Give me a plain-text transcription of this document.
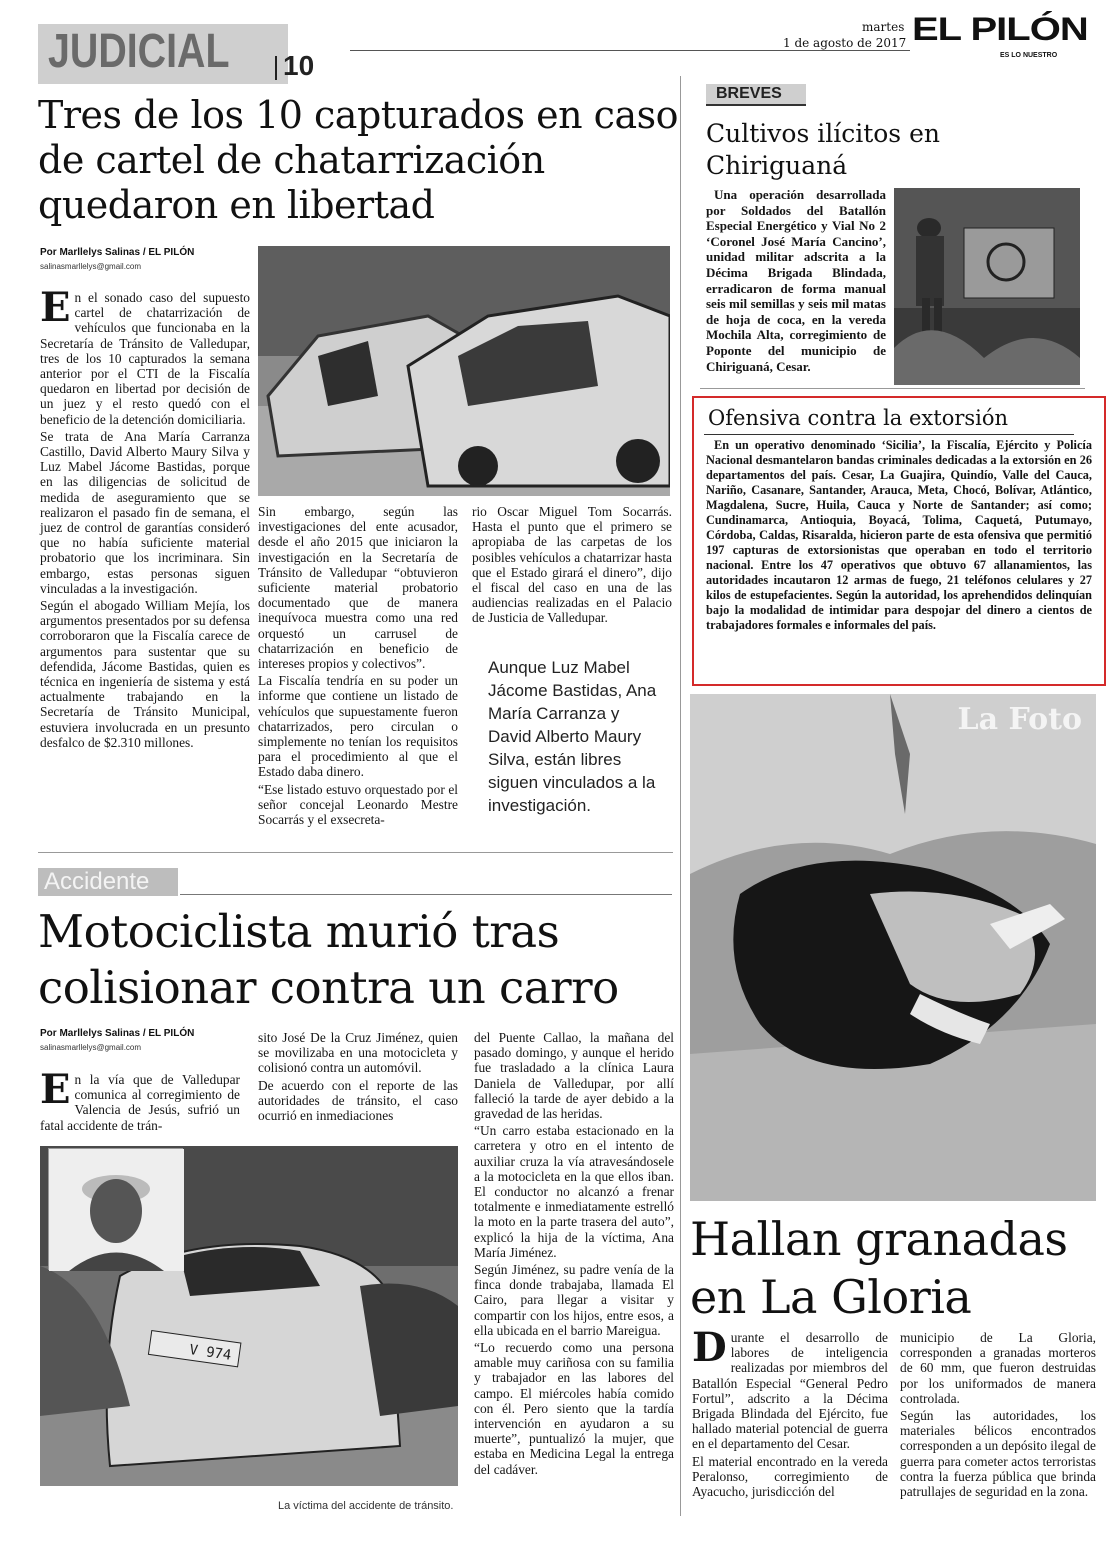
JUDICIAL 10
martes
1 de agosto de 2017 EL PILÓN
ES LO NUESTRO
Tres de los 10 capturados en caso de cartel de chatarrización quedaron en libertad
Por Marllelys Salinas / EL PILÓN
salinasmarllelys@gmail.com
E n el sonado caso del supuesto cartel de chatarrización de vehículos que funcionaba en la Secretaría de Tránsito de Valledupar, tres de los 10 capturados la semana anterior por el CTI de la Fiscalía quedaron en libertad por decisión de un juez y el resto quedó con el beneficio de la detención domiciliaria.

Se trata de Ana María Carranza Castillo, David Alberto Maury Silva y Luz Mabel Jácome Bastidas, porque en las diligencias de solicitud de medida de aseguramiento que se realizaron el pasado fin de semana, el juez de control de garantías consideró que no había suficiente material probatorio que los incriminara. Sin embargo, estas personas siguen vinculadas a la investigación.

Según el abogado William Mejía, los argumentos presentados por su defensa corroboraron que la Fiscalía carece de argumentos para sustentar que su defendida, Jácome Bastidas, quien es técnica en ingeniería de sistema y está actualmente trabajando en la Secretaría de Tránsito Municipal, estuviera involucrada en un presunto desfalco de $2.310 millones.

Sin embargo, según las investigaciones del ente acusador, desde el año 2015 que iniciaron la investigación en la Secretaría de Tránsito de Valledupar “obtuvieron suficiente material probatorio documentado que de manera inequívoca muestra como una red orquestó un carrusel de chatarrización en beneficio de intereses propios y colectivos”.

La Fiscalía tendría en su poder un informe que contiene un listado de vehículos que supuestamente fueron chatarrizados, pero circulan o simplemente no tenían los requisitos para el procedimiento al que el Estado daba dinero.

“Ese listado estuvo orquestado por el señor concejal Leonardo Mestre Socarrás y el exsecreta-

rio Oscar Miguel Tom Socarrás. Hasta el punto que el primero se apropiaba de las carpetas de los posibles vehículos a chatarrizar hasta que el Estado girará el dinero”, dijo el fiscal del caso en una de las audiencias realizadas en el Palacio de Justicia de Valledupar.

Aunque Luz Mabel Jácome Bastidas, Ana María Carranza y David Alberto Maury Silva, están libres siguen vinculados a la investigación.
BREVES
Cultivos ilícitos en Chiriguaná
Una operación desarrollada por Soldados del Batallón Especial Energético y Vial No 2 ‘Coronel José María Cancino’, unidad militar adscrita a la Décima Brigada Blindada, erradicaron de forma manual seis mil semillas y seis mil matas de hoja de coca, en la vereda Mochila Alta, corregimiento de Poponte del municipio de Chiriguaná, Cesar.
Ofensiva contra la extorsión
En un operativo denominado ‘Sicilia’, la Fiscalía, Ejército y Policía Nacional desmantelaron bandas criminales dedicadas a la extorsión en 26 departamentos del país. Cesar, La Guajira, Quindío, Valle del Cauca, Nariño, Casanare, Santander, Arauca, Meta, Chocó, Bolívar, Atlántico, Magdalena, Sucre, Huila, Cauca y Norte de Santander; así como; Cundinamarca, Antioquia, Boyacá, Tolima, Caquetá, Putumayo, Córdoba, Caldas, Risaralda, hicieron parte de esta ofensiva que permitió 197 capturas de extorsionistas que operaban en todo el territorio nacional. Entre los 47 operativos que obtuvo 67 allanamientos, las autoridades incautaron 12 armas de fuego, 21 teléfonos celulares y 27 kilos de estupefacientes. Según la autoridad, los aprehendidos delinquían bajo la modalidad de intimidar para despojar del dinero a cientos de trabajadores formales e informales del país.
La Foto
Accidente
Motociclista murió tras colisionar contra un carro
Por Marllelys Salinas / EL PILÓN
salinasmarllelys@gmail.com
E n la vía que de Valledupar comunica al corregimiento de Valencia de Jesús, sufrió un fatal accidente de trán-

sito José De la Cruz Jiménez, quien se movilizaba en una motocicleta y colisionó contra un automóvil.

De acuerdo con el reporte de las autoridades de tránsito, el caso ocurrió en inmediaciones

del Puente Callao, la mañana del pasado domingo, y aunque el herido fue trasladado a la clínica Laura Daniela de Valledupar, por allí falleció la tarde de ayer debido a la gravedad de las heridas.

“Un carro estaba estacionado en la carretera y otro en el intento de auxiliar cruza la vía atravesándosele a la motocicleta en la que ellos iban. El conductor no alcanzó a frenar totalmente e inmediatamente estrelló la moto en la parte trasera del auto”, explicó la hija de la víctima, Ana María Jiménez.

Según Jiménez, su padre venía de la finca donde trabajaba, llamada El Cairo, para llegar a visitar y compartir con los hijos, entre esos, a ella ubicada en el barrio Mareigua.

“Lo recuerdo como una persona amable muy cariñosa con su familia y trabajador en las labores del campo. El miércoles había comido con él. Pero siento que la tardía intervención en ayudaron a su muerte”, puntualizó la mujer, que estaba en Medicina Legal la entrega del cadáver.

V 974
La víctima del accidente de tránsito.
Hallan granadas en La Gloria
D urante el desarrollo de labores de inteligencia realizadas por miembros del Batallón Especial “General Pedro Fortul”, adscrito a la Décima Brigada Blindada del Ejército, fue hallado material potencial de guerra en el departamento del Cesar.

El material encontrado en la vereda Peralonso, corregimiento de Ayacucho, jurisdicción del

municipio de La Gloria, corresponden a granadas morteros de 60 mm, que fueron destruidas por los uniformados de manera controlada.

Según las autoridades, los materiales bélicos encontrados corresponden a un depósito ilegal de guerra para cometer actos terroristas contra la fuerza pública que brinda patrullajes de seguridad en la zona.
